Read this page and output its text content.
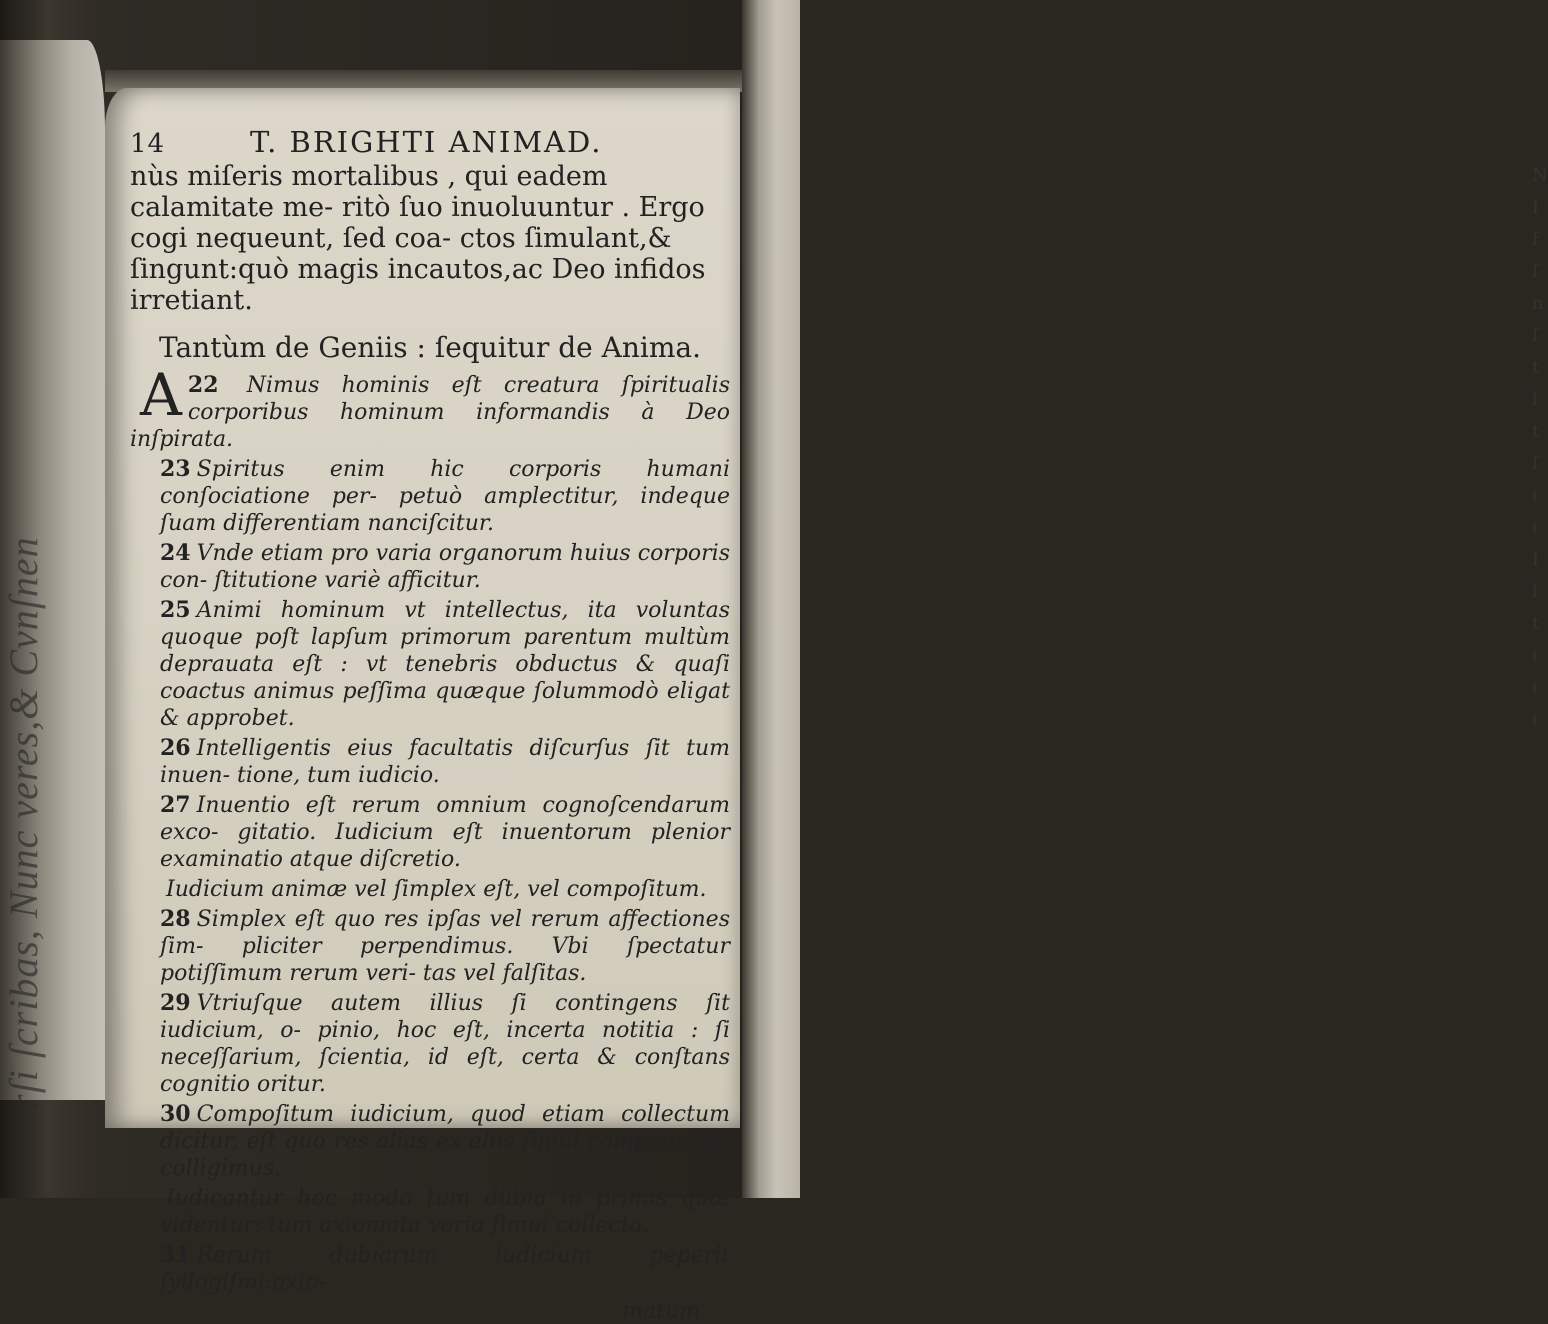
rſi ſcribas, Nunc veres,& Cvnſnen
N I f ſ n ſ t l t ſ ( ( I l t ( ( (
14	T. BRIGHTI ANIMAD.

nùs miſeris mortalibus , qui eadem calamitate me- ritò ſuo inuoluuntur . Ergo cogi nequeunt, ſed coa- ctos ſimulant,& ſingunt:quò magis incautos,ac Deo infidos irretiant.

Tantùm de Geniis : ſequitur de Anima.

22
A	Nimus hominis eſt creatura ſpiritualis corporibus hominum informandis à Deo inſpirata.

23 Spiritus enim hic corporis humani conſociatione per- petuò amplectitur, indeque ſuam differentiam nanciſcitur.

24 Vnde etiam pro varia organorum huius corporis con- ſtitutione variè afficitur.

25 Animi hominum vt intellectus, ita voluntas quoque poſt lapſum primorum parentum multùm deprauata eſt : vt tenebris obductus & quaſi coactus animus peſſima quæque ſolummodò eligat & approbet.

26 Intelligentis eius facultatis diſcurſus ſit tum inuen- tione, tum iudicio.

27 Inuentio eſt rerum omnium cognoſcendarum exco- gitatio. Iudicium eſt inuentorum plenior examinatio atque diſcretio.

Iudicium animæ vel ſimplex eſt, vel compoſitum.

28 Simplex eſt quo res ipſas vel rerum affectiones ſim- pliciter perpendimus. Vbi ſpectatur potiſſimum rerum veri- tas vel falſitas.

29 Vtriuſque autem illius ſi contingens ſit iudicium, o- pinio, hoc eſt, incerta notitia : ſi neceſſarium, ſcientia, id eſt, certa & conſtans cognitio oritur.

30 Compoſitum iudicium, quod etiam collectum dicitur, eſt quo res alias ex aliis ſimul componendo colligimus.

Iudicantur hoc modo tum dubia in primis quæ videntur: tum axiomata varia ſimul collecta.

31 Rerum dubiarum iudicium peperit ſyllogiſmi:axio-

matum
